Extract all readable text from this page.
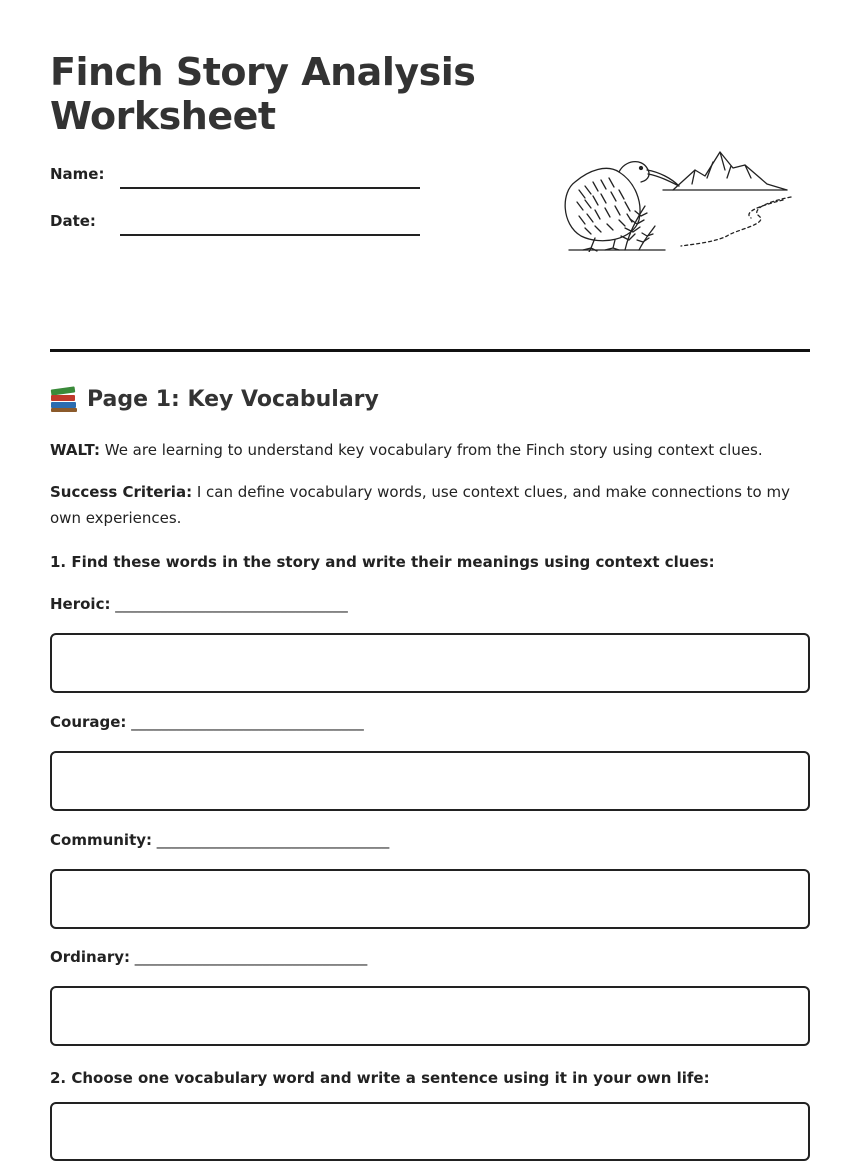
Finch Story Analysis Worksheet
Name:
Date:
Page 1: Key Vocabulary
WALT: We are learning to understand key vocabulary from the Finch story using context clues.
Success Criteria: I can define vocabulary words, use context clues, and make connections to my own experiences.
1. Find these words in the story and write their meanings using context clues:
Heroic: _______________________________
Courage: _______________________________
Community: _______________________________
Ordinary: _______________________________
2. Choose one vocabulary word and write a sentence using it in your own life:
